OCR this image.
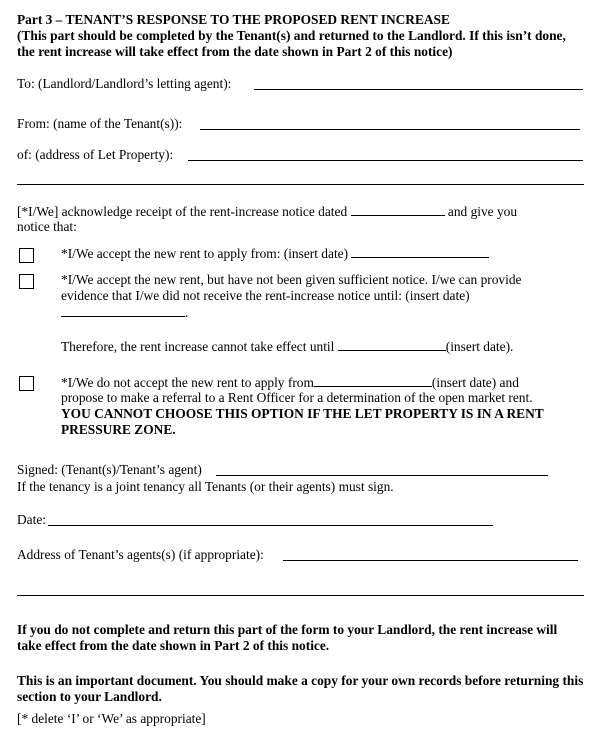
Part 3 – TENANT’S RESPONSE TO THE PROPOSED RENT INCREASE
(This part should be completed by the Tenant(s) and returned to the Landlord. If this isn’t done, the rent increase will take effect from the date shown in Part 2 of this notice)
To: (Landlord/Landlord’s letting agent):
From: (name of the Tenant(s)):
of: (address of Let Property):
[*I/We] acknowledge receipt of the rent-increase notice dated	and give you
notice that:
*I/We accept the new rent to apply from: (insert date)
*I/We accept the new rent, but have not been given sufficient notice. I/we can provide
evidence that I/we did not receive the rent-increase notice until: (insert date)
.
Therefore, the rent increase cannot take effect until	(insert date).
*I/We do not accept the new rent to apply from	(insert date) and
propose to make a referral to a Rent Officer for a determination of the open market rent.
YOU CANNOT CHOOSE THIS OPTION IF THE LET PROPERTY IS IN A RENT PRESSURE ZONE.
Signed: (Tenant(s)/Tenant’s agent)
If the tenancy is a joint tenancy all Tenants (or their agents) must sign.
Date:
Address of Tenant’s agents(s) (if appropriate):
If you do not complete and return this part of the form to your Landlord, the rent increase will take effect from the date shown in Part 2 of this notice.
This is an important document. You should make a copy for your own records before returning this section to your Landlord.
[* delete ‘I’ or ‘We’ as appropriate]
